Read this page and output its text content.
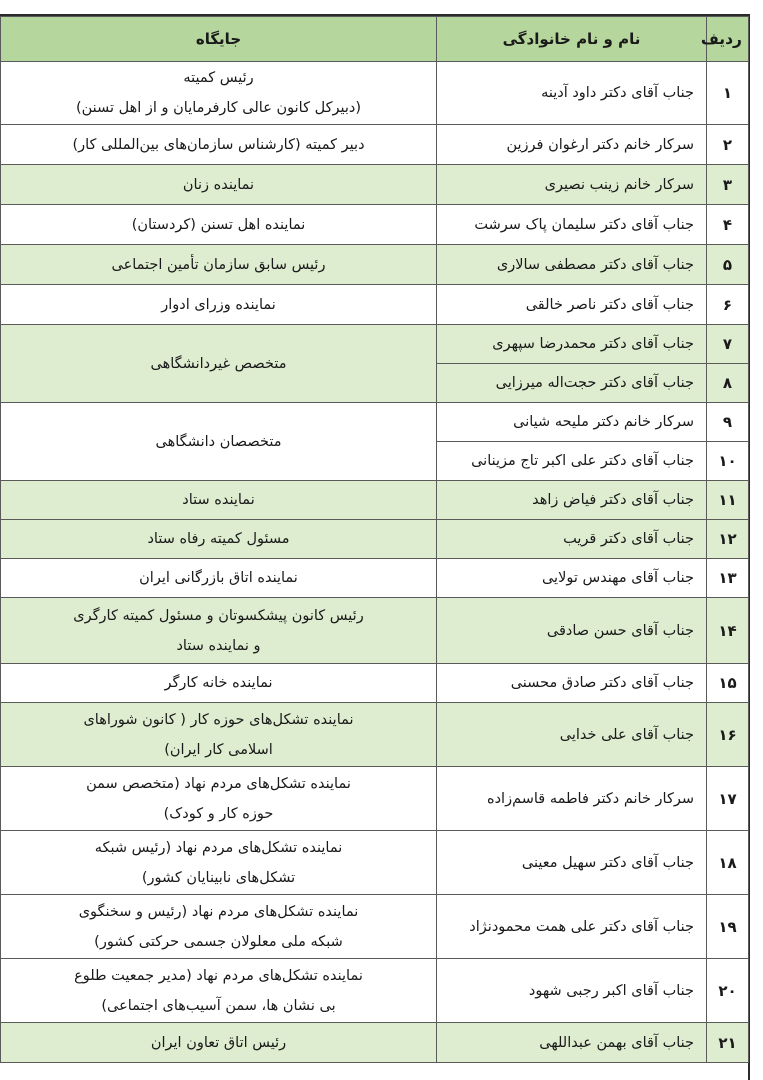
ردیف	نام و نام خانوادگی	جایگاه
۱	جناب آقای دکتر داود آدینه	رئیس کمیته
(دبیرکل کانون عالی کارفرمایان و از اهل تسنن)

۲	سرکار خانم دکتر ارغوان فرزین	دبیر کمیته (کارشناس سازمان‌های بین‌المللی کار)
۳	سرکار خانم زینب نصیری	نماینده زنان
۴	جناب آقای دکتر سلیمان پاک سرشت	نماینده اهل تسنن (کردستان)
۵	جناب آقای دکتر مصطفی سالاری	رئیس سابق سازمان تأمین اجتماعی
۶	جناب آقای دکتر ناصر خالقی	نماینده وزرای ادوار
۷	جناب آقای دکتر محمدرضا سپهری	متخصص غیردانشگاهی
۸	جناب آقای دکتر حجت‌اله میرزایی	
۹	سرکار خانم دکتر ملیحه شیانی	متخصصان دانشگاهی
۱۰	جناب آقای دکتر علی اکبر تاج مزینانی	
۱۱	جناب آقای دکتر فیاض زاهد	نماینده ستاد
۱۲	جناب آقای دکتر قریب	مسئول کمیته رفاه ستاد
۱۳	جناب آقای مهندس تولایی	نماینده اتاق بازرگانی ایران
۱۴	جناب آقای حسن صادقی	رئیس کانون پیشکسوتان و مسئول کمیته کارگری
و نماینده ستاد

۱۵	جناب آقای دکتر صادق محسنی	نماینده خانه کارگر
۱۶	جناب آقای علی خدایی	نماینده تشکل‌های حوزه کار ( کانون شوراهای
اسلامی کار ایران)

۱۷	سرکار خانم دکتر فاطمه قاسم‌زاده	نماینده تشکل‌های مردم نهاد (متخصص سمن
حوزه کار و کودک)

۱۸	جناب آقای دکتر سهیل معینی	نماینده تشکل‌های مردم نهاد (رئیس شبکه
تشکل‌های نابینایان کشور)

۱۹	جناب آقای دکتر علی همت محمودنژاد	نماینده تشکل‌های مردم نهاد (رئیس و سخنگوی
شبکه ملی معلولان جسمی حرکتی کشور)

۲۰	جناب آقای اکبر رجبی شهود	نماینده تشکل‌های مردم نهاد (مدیر جمعیت طلوع
بی نشان ها، سمن آسیب‌های اجتماعی)

۲۱	جناب آقای بهمن عبداللهی	رئیس اتاق تعاون ایران
